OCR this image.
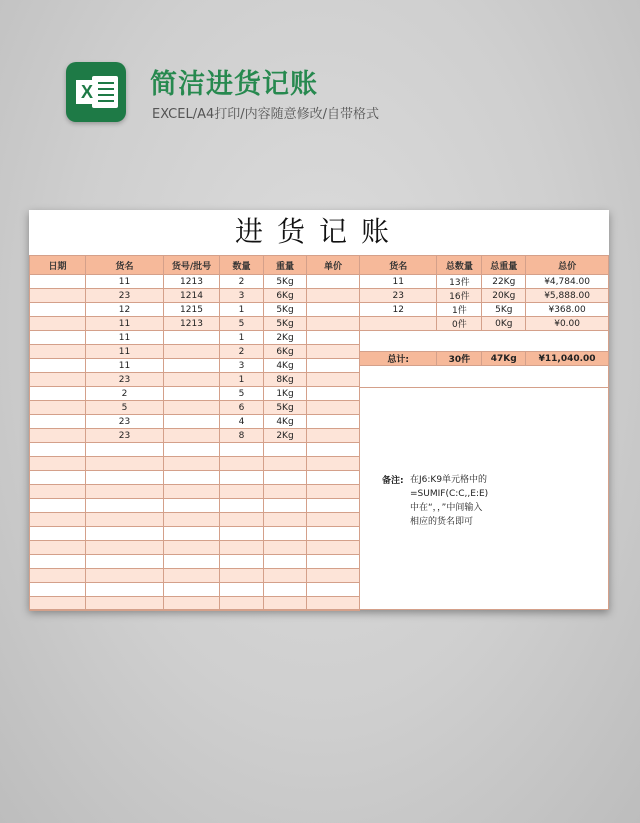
X 简洁进货记账
EXCEL/A4打印/内容随意修改/自带格式
进货记账
日期	货名	货号/批号	数量	重量	单价
	11	1213	2	5Kg	
	23	1214	3	6Kg	
	12	1215	1	5Kg	
	11	1213	5	5Kg	
	11		1	2Kg	
	11		2	6Kg	
	11		3	4Kg	
	23		1	8Kg	
	2		5	1Kg	
	5		6	5Kg	
	23		4	4Kg	
	23		8	2Kg	

货名	总数量	总重量	总价
11	13件	22Kg	¥4,784.00
23	16件	20Kg	¥5,888.00
12	1件	5Kg	¥368.00
	0件	0Kg	¥0.00

总计:	30件	47Kg	¥11,040.00
备注: 在J6:K9单元格中的
=SUMIF(C:C,,E:E)
中在“，，”中间输入
相应的货名即可
